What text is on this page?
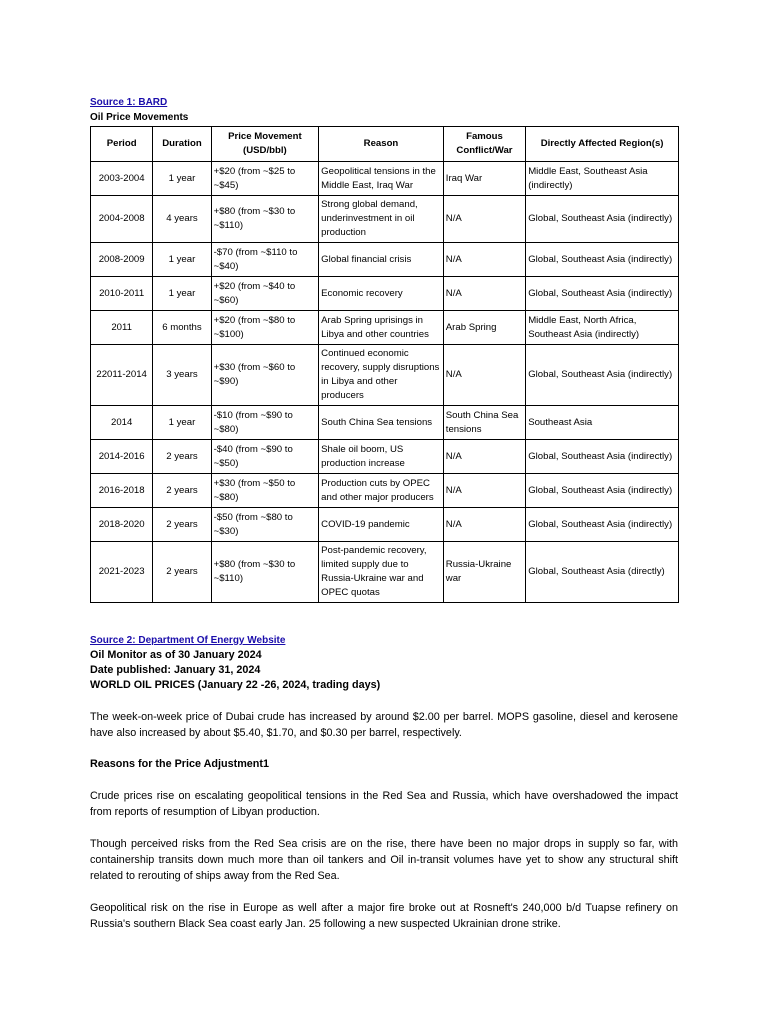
Source 1: BARD
Oil Price Movements
Period	Duration	Price Movement (USD/bbl)	Reason	Famous Conflict/War	Directly Affected Region(s)
2003-2004	1 year	+$20 (from ~$25 to ~$45)	Geopolitical tensions in the Middle East, Iraq War	Iraq War	Middle East, Southeast Asia (indirectly)
2004-2008	4 years	+$80 (from ~$30 to ~$110)	Strong global demand, underinvestment in oil production	N/A	Global, Southeast Asia (indirectly)
2008-2009	1 year	-$70 (from ~$110 to ~$40)	Global financial crisis	N/A	Global, Southeast Asia (indirectly)
2010-2011	1 year	+$20 (from ~$40 to ~$60)	Economic recovery	N/A	Global, Southeast Asia (indirectly)
2011	6 months	+$20 (from ~$80 to ~$100)	Arab Spring uprisings in Libya and other countries	Arab Spring	Middle East, North Africa, Southeast Asia (indirectly)
22011-2014	3 years	+$30 (from ~$60 to ~$90)	Continued economic recovery, supply disruptions in Libya and other producers	N/A	Global, Southeast Asia (indirectly)
2014	1 year	-$10 (from ~$90 to ~$80)	South China Sea tensions	South China Sea tensions	Southeast Asia
2014-2016	2 years	-$40 (from ~$90 to ~$50)	Shale oil boom, US production increase	N/A	Global, Southeast Asia (indirectly)
2016-2018	2 years	+$30 (from ~$50 to ~$80)	Production cuts by OPEC and other major producers	N/A	Global, Southeast Asia (indirectly)
2018-2020	2 years	-$50 (from ~$80 to ~$30)	COVID-19 pandemic	N/A	Global, Southeast Asia (indirectly)
2021-2023	2 years	+$80 (from ~$30 to ~$110)	Post-pandemic recovery, limited supply due to Russia-Ukraine war and OPEC quotas	Russia-Ukraine war	Global, Southeast Asia (directly)
Source 2: Department Of Energy Website
Oil Monitor as of 30 January 2024
Date published: January 31, 2024
WORLD OIL PRICES (January 22 -26, 2024, trading days)

The week-on-week price of Dubai crude has increased by around $2.00 per barrel. MOPS gasoline, diesel and kerosene have also increased by about $5.40, $1.70, and $0.30 per barrel, respectively.

Reasons for the Price Adjustment1

Crude prices rise on escalating geopolitical tensions in the Red Sea and Russia, which have overshadowed the impact from reports of resumption of Libyan production.

Though perceived risks from the Red Sea crisis are on the rise, there have been no major drops in supply so far, with containership transits down much more than oil tankers and Oil in-transit volumes have yet to show any structural shift related to rerouting of ships away from the Red Sea.

Geopolitical risk on the rise in Europe as well after a major fire broke out at Rosneft's 240,000 b/d Tuapse refinery on Russia's southern Black Sea coast early Jan. 25 following a new suspected Ukrainian drone strike.
